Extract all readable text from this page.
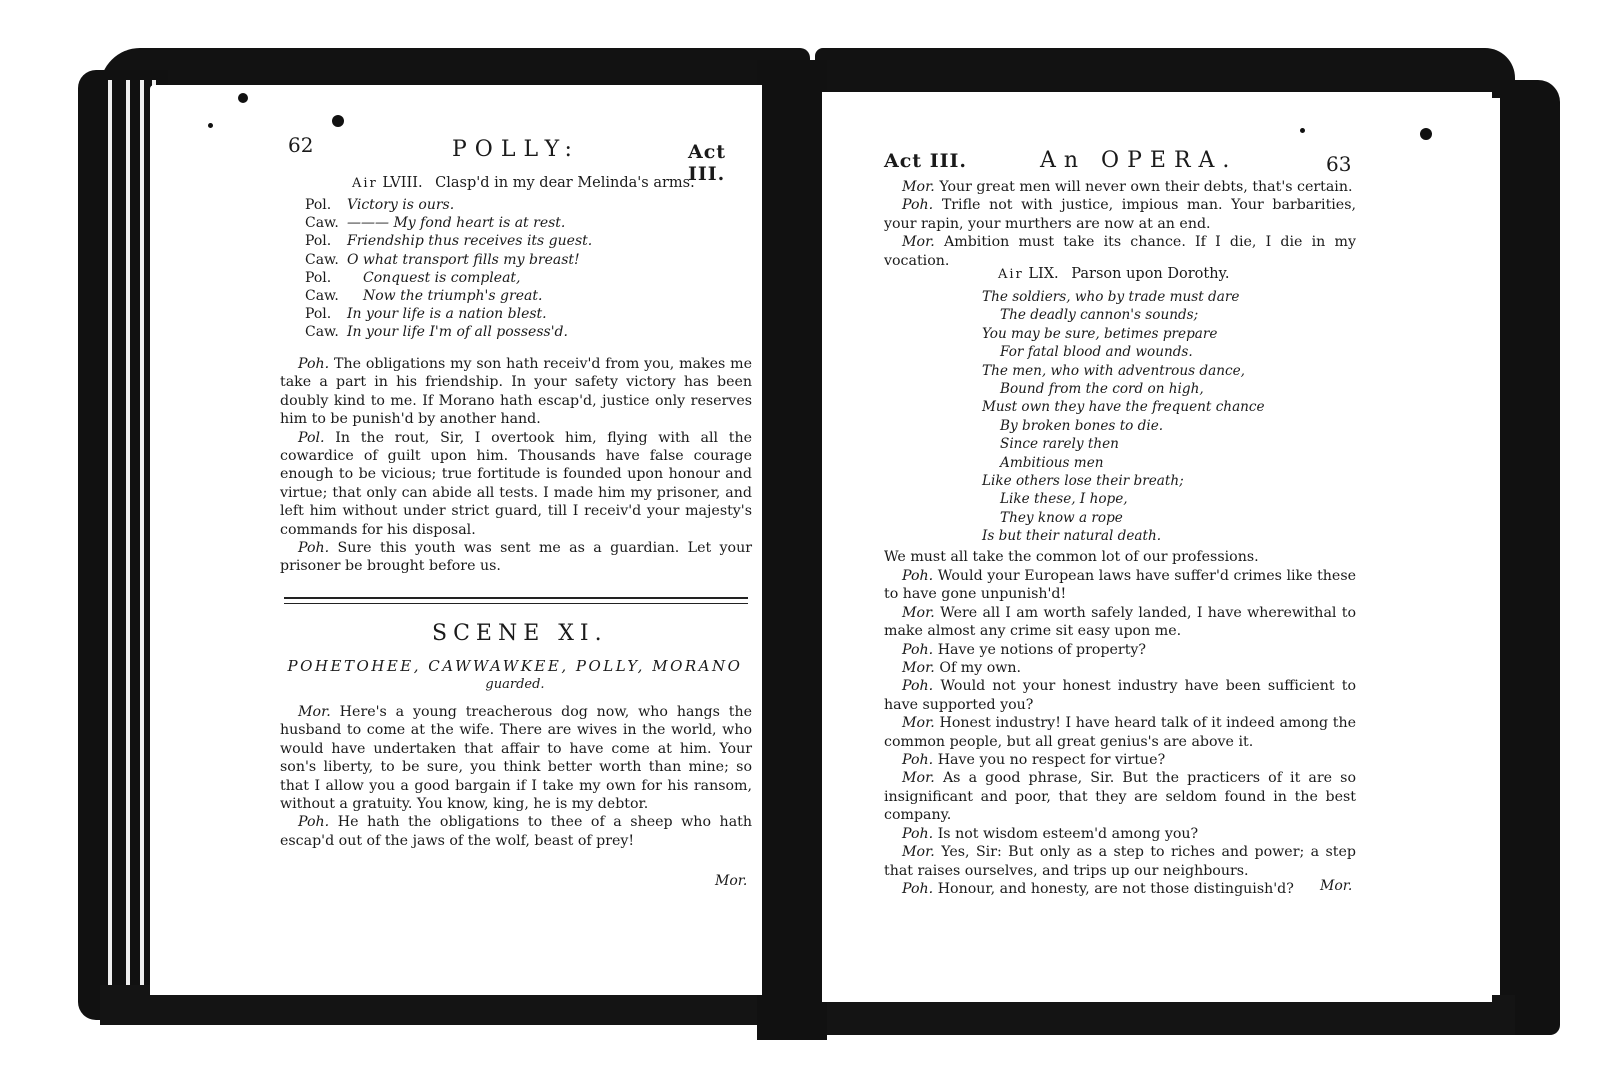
62	POLLY:	Act III.
Air LVIII. Clasp'd in my dear Melinda's arms.
Pol. Victory is ours.
Caw. ——— My fond heart is at rest.
Pol. Friendship thus receives its guest.
Caw. O what transport fills my breast!
Pol. Conquest is compleat,
Caw. Now the triumph's great.
Pol. In your life is a nation blest.
Caw. In your life I'm of all possess'd.

Poh. The obligations my son hath receiv'd from you, makes me take a part in his friendship. In your safety victory has been doubly kind to me. If Morano hath escap'd, justice only reserves him to be punish'd by another hand.

Pol. In the rout, Sir, I overtook him, flying with all the cowardice of guilt upon him. Thousands have false courage enough to be vicious; true fortitude is founded upon honour and virtue; that only can abide all tests. I made him my prisoner, and left him without under strict guard, till I receiv'd your majesty's commands for his disposal.

Poh. Sure this youth was sent me as a guardian. Let your prisoner be brought before us.

SCENE XI.
POHETOHEE, CAWWAWKEE, POLLY, MORANO
guarded.

Mor. Here's a young treacherous dog now, who hangs the husband to come at the wife. There are wives in the world, who would have undertaken that affair to have come at him. Your son's liberty, to be sure, you think better worth than mine; so that I allow you a good bargain if I take my own for his ransom, without a gratuity. You know, king, he is my debtor.

Poh. He hath the obligations to thee of a sheep who hath escap'd out of the jaws of the wolf, beast of prey!

Mor.
Act III.	An OPERA.	63

Mor. Your great men will never own their debts, that's certain.

Poh. Trifle not with justice, impious man. Your barbarities, your rapin, your murthers are now at an end.

Mor. Ambition must take its chance. If I die, I die in my vocation.

Air LIX. Parson upon Dorothy.
The soldiers, who by trade must dare
The deadly cannon's sounds;
You may be sure, betimes prepare
For fatal blood and wounds.
The men, who with adventrous dance,
Bound from the cord on high,
Must own they have the frequent chance
By broken bones to die.
Since rarely then
Ambitious men
Like others lose their breath;
Like these, I hope,
They know a rope
Is but their natural death.

We must all take the common lot of our professions.

Poh. Would your European laws have suffer'd crimes like these to have gone unpunish'd!

Mor. Were all I am worth safely landed, I have wherewithal to make almost any crime sit easy upon me.

Poh. Have ye notions of property?

Mor. Of my own.

Poh. Would not your honest industry have been sufficient to have supported you?

Mor. Honest industry! I have heard talk of it indeed among the common people, but all great genius's are above it.

Poh. Have you no respect for virtue?

Mor. As a good phrase, Sir. But the practicers of it are so insignificant and poor, that they are seldom found in the best company.

Poh. Is not wisdom esteem'd among you?

Mor. Yes, Sir: But only as a step to riches and power; a step that raises ourselves, and trips up our neighbours.

Poh. Honour, and honesty, are not those distinguish'd?	Mor.
